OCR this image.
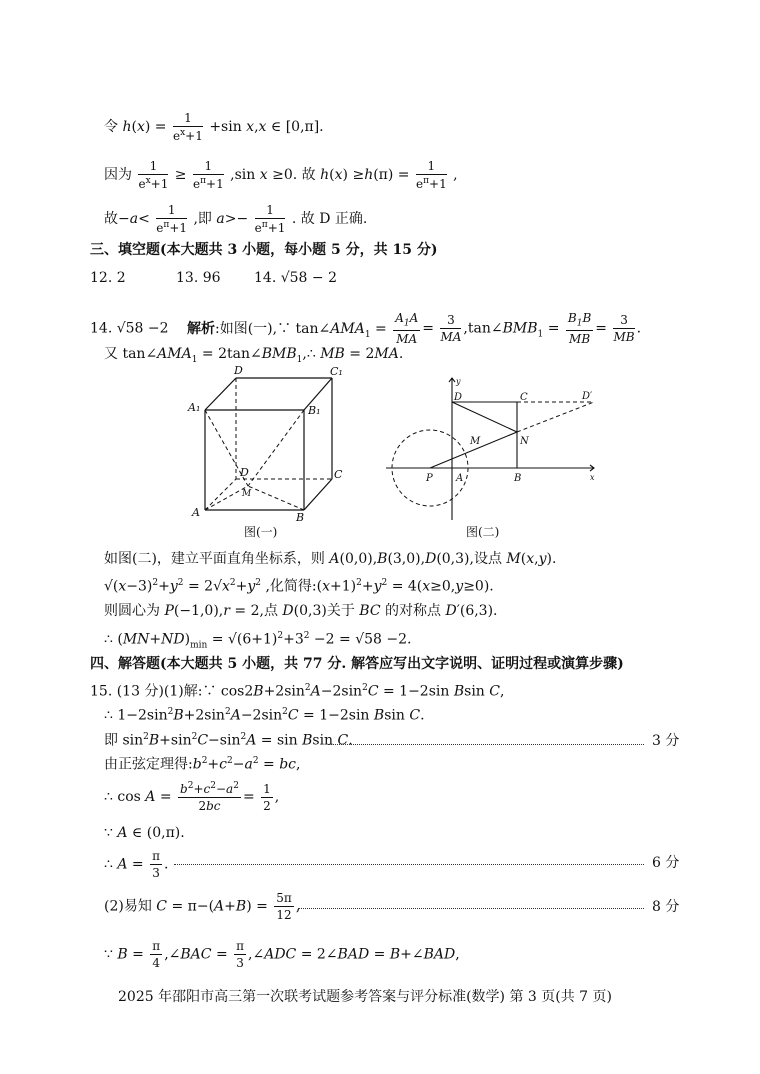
令 $h(x) = \frac{1}{e^x+1} +\sin$ x,x ∈ [0,π].
因为 $\frac{1}{e^x+1} \ge \frac{1}{e^\pi+1} ,\sin$ x ≥0. 故 $h(x) \ge h(\pi) = \frac{1}{e^\pi+1}$ ,
故$-a< \frac{1}{e^\pi+1}$ ,即 $a>- \frac{1}{e^\pi+1}$ . 故 D 正确.
三、填空题(本大题共 3 小题，每小题 5 分，共 15 分)
12. 2	13. 96 14. √58 − 2
14. √58 −2 解析:如图(一),∵ $\tan\angle AMA_1 = \frac{A_1A}{MA} = \frac{3}{MA}$ $,\tan\angle BMB_1 = \frac{B_1B}{MB} = \frac{3}{MB}$ .
又 $\tan\angle AMA_1$ = $2\tan\angle BMB_1,\therefore$ MB = 2MA.
D	C₁
A₁	B₁
D
M
C
A	B
图(一)
y
D	C	D′
M	N
P A	B	x
图(二)
如图(二)，建立平面直角坐标系，则 A(0,0),B(3,0),D(0,3),设点 M(x,y).
$√(x-3)^2+y^2 = 2√x^2+y^2$ ,化简得$:(x+1)^2+y^2 = 4(x\ge 0,y\ge 0)$.
则圆心为 P(−1,0),r = 2,点 D(0,3)关于 BC 的对称点 D′(6,3).
∴ $(MN+ND)_{min} = √(6+1)^2+3^2 -2 = √58 -2$.
四、解答题(本大题共 5 小题，共 77 分. 解答应写出文字说明、证明过程或演算步骤)
15. (13 分)(1)解:∵ $\cos 2B+2\sin^2A-2\sin^2C = 1-2\sin$ Bsin C,
∴ $1-2\sin^2B+2\sin^2A-2\sin^2C = 1-2\sin$ Bsin C.
即 $\sin^2B+\sin^2C-\sin^2A = \sin Bsin$ C.	3 分
由正弦定理得$:b^2+c^2-a^2$ = bc,
∴ $\cos A = \frac{b^2+c^2-a^2}{2bc} = \frac{1}{2}$ ,
∵ A ∈ (0,π).
∴ $A = \frac{\pi}{3}$ .	6 分
(2)易知 $C = \pi-(A+B) = \frac{5\pi}{12}$ ,	8 分
∵ $B = \frac{\pi}{4}$ ,∠BAC = $\frac{\pi}{3}$ ,∠ADC = 2∠BAD = B+∠BAD,
2025 年邵阳市高三第一次联考试题参考答案与评分标准(数学) 第 3 页(共 7 页)
